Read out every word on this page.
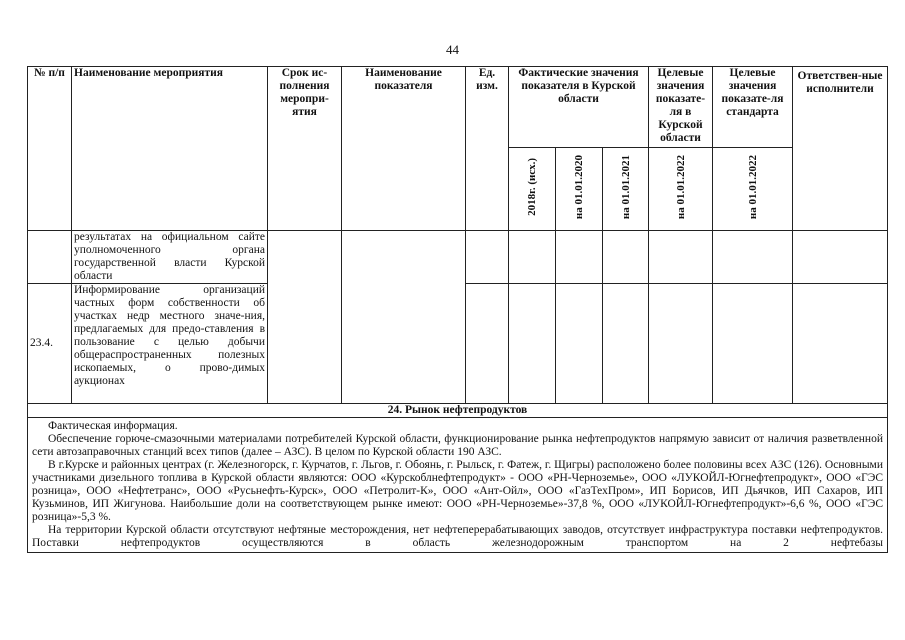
44
№ п/п	Наименование мероприятия	Срок ис-полнения меропри-ятия	Наименование показателя	Ед. изм.	Фактические значения показателя в Курской области			Целевые значения показате-ля в Курской области	Целевые значения показате-ля стандарта	Ответствен-ные исполнители
					2018г. (исх.)	на 01.01.2020	на 01.01.2021	на 01.01.2022	на 01.01.2022	
	результатах на официальном сайте уполномоченного органа государственной власти Курской области									
23.4.	Информирование организаций частных форм собственности об участках недр местного значе-ния, предлагаемых для предо-ставления в пользование с целью добычи общераспространенных полезных ископаемых, о прово-димых аукционах									
24. Рынок нефтепродуктов										

Фактическая информация.

Обеспечение горюче-смазочными материалами потребителей Курской области, функционирование рынка нефтепродуктов напрямую зависит от наличия разветвленной сети автозаправочных станций всех типов (далее – АЗС). В целом по Курской области 190 АЗС.

В г.Курске и районных центрах (г. Железногорск, г. Курчатов, г. Льгов, г. Обоянь, г. Рыльск, г. Фатеж, г. Щигры) расположено более половины всех АЗС (126). Основными участниками дизельного топлива в Курской области являются: ООО «Курскоблнефтепродукт» - ООО «РН-Черноземье», ООО «ЛУКОЙЛ-Югнефтепродукт», ООО «ГЭС розница», ООО «Нефтетранс», ООО «Русьнефть-Курск», ООО «Петролит-К», ООО «Ант-Ойл», ООО «ГазТехПром», ИП Борисов, ИП Дьячков, ИП Сахаров, ИП Кузьминов, ИП Жигунова. Наибольшие доли на соответствующем рынке имеют: ООО «РН-Черноземье»-37,8 %, ООО «ЛУКОЙЛ-Югнефтепродукт»-6,6 %, ООО «ГЭС розница»-5,3 %.

На территории Курской области отсутствуют нефтяные месторождения, нет нефтеперерабатывающих заводов, отсутствует инфраструктура поставки нефтепродуктов. Поставки нефтепродуктов осуществляются в область железнодорожным транспортом на 2 нефтебазы										
